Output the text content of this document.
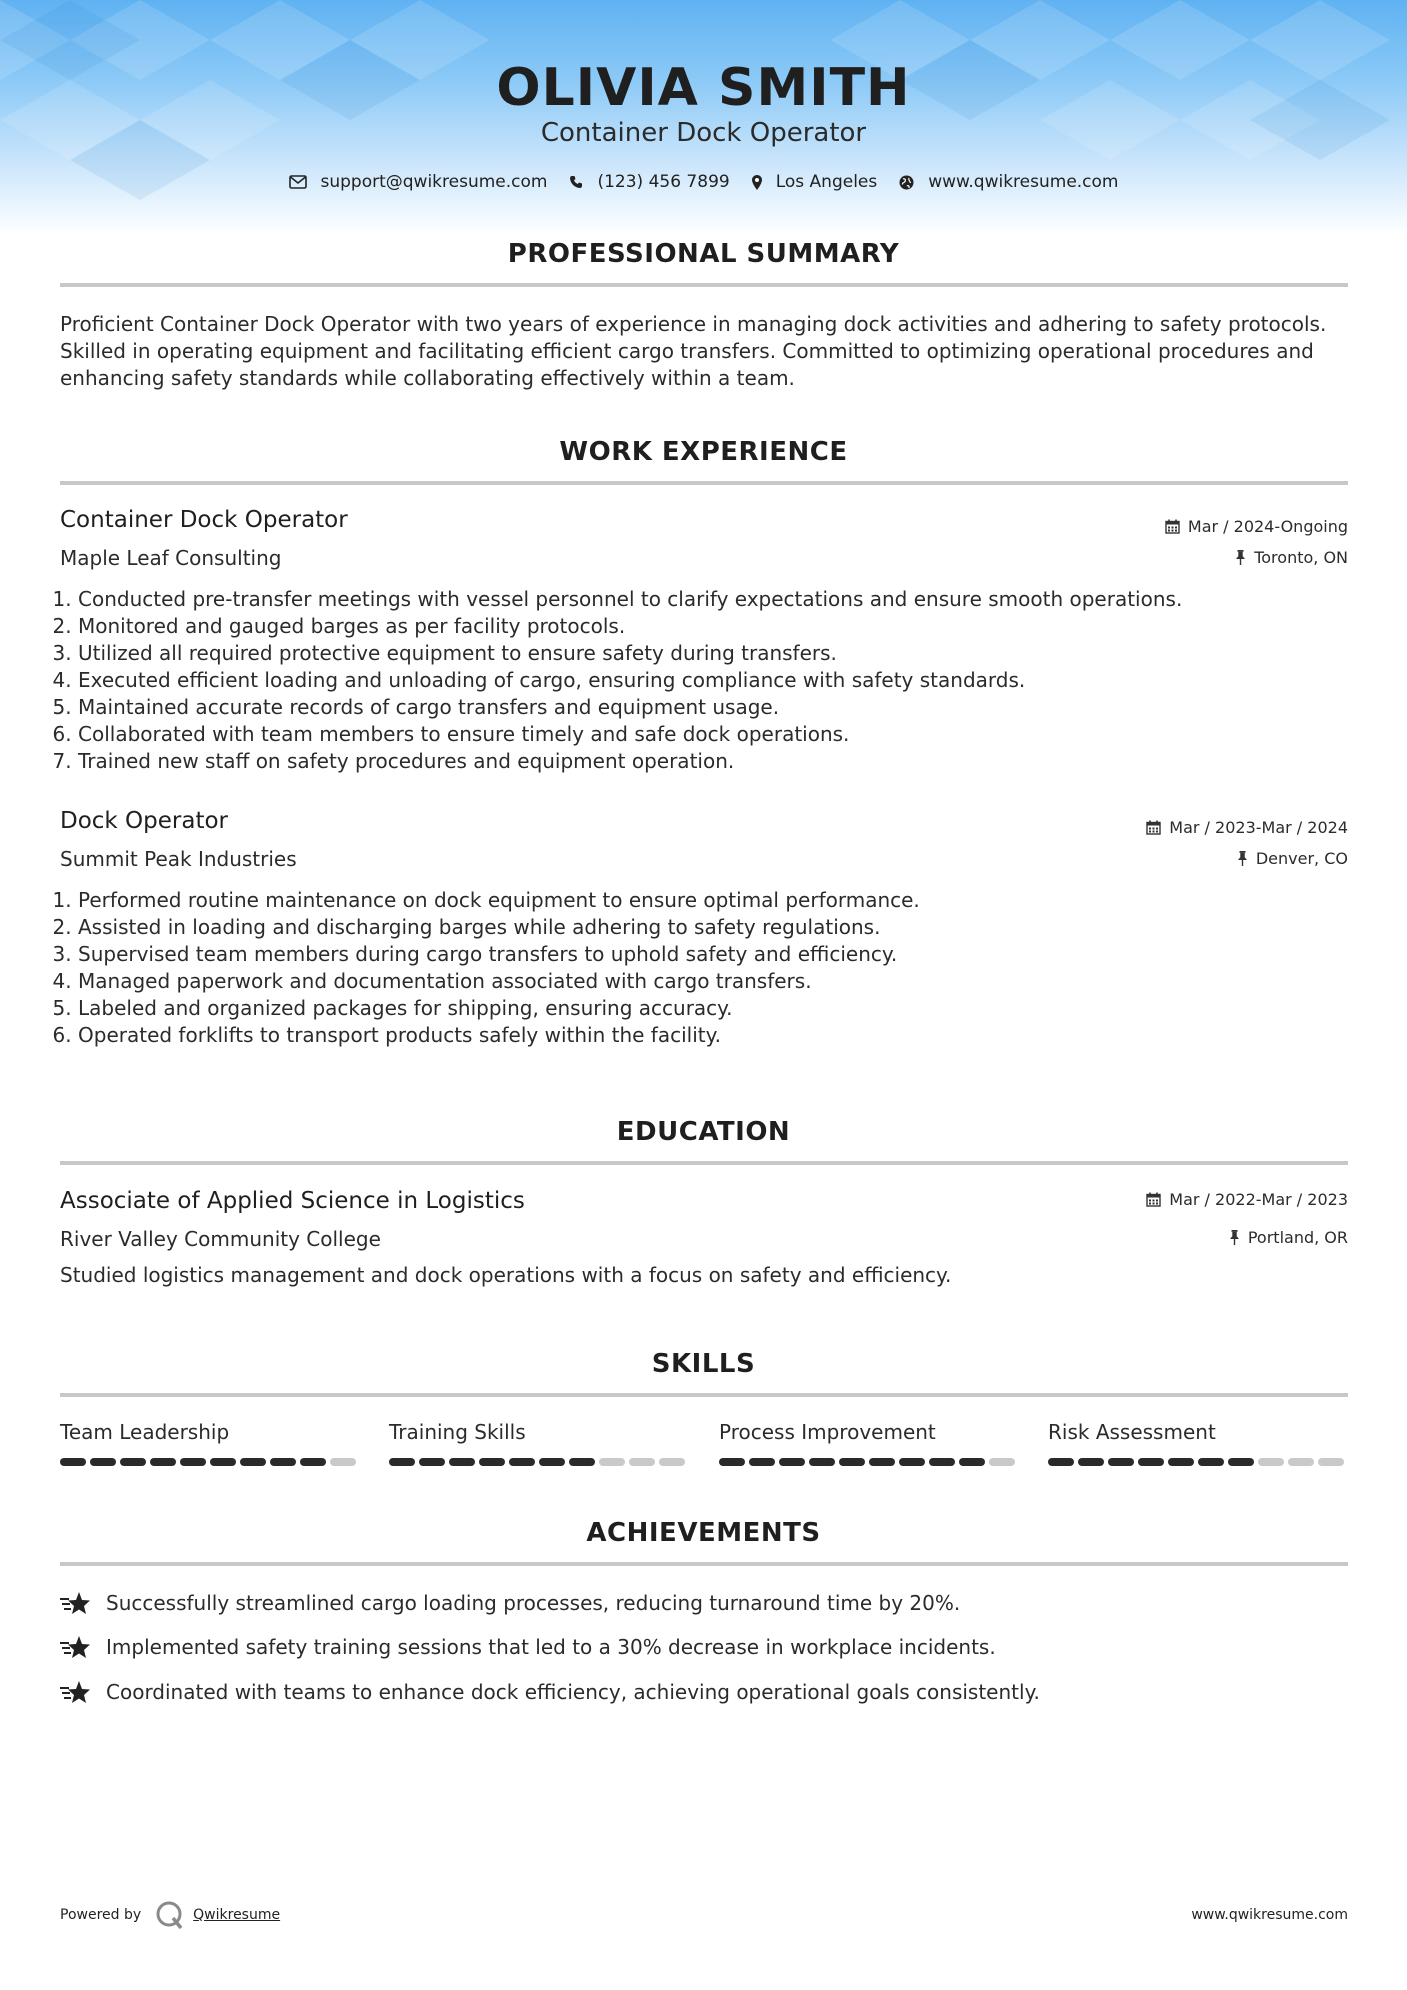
OLIVIA SMITH
Container Dock Operator
support@qwikresume.com	(123) 456 7899	Los Angeles	www.qwikresume.com
PROFESSIONAL SUMMARY
Proficient Container Dock Operator with two years of experience in managing dock activities and adhering to safety protocols. Skilled in operating equipment and facilitating efficient cargo transfers. Committed to optimizing operational procedures and enhancing safety standards while collaborating effectively within a team.
WORK EXPERIENCE
Container Dock Operator	Mar / 2024-Ongoing
Maple Leaf Consulting	Toronto, ON
1. Conducted pre-transfer meetings with vessel personnel to clarify expectations and ensure smooth operations.
2. Monitored and gauged barges as per facility protocols.
3. Utilized all required protective equipment to ensure safety during transfers.
4. Executed efficient loading and unloading of cargo, ensuring compliance with safety standards.
5. Maintained accurate records of cargo transfers and equipment usage.
6. Collaborated with team members to ensure timely and safe dock operations.
7. Trained new staff on safety procedures and equipment operation.
Dock Operator	Mar / 2023-Mar / 2024
Summit Peak Industries	Denver, CO
1. Performed routine maintenance on dock equipment to ensure optimal performance.
2. Assisted in loading and discharging barges while adhering to safety regulations.
3. Supervised team members during cargo transfers to uphold safety and efficiency.
4. Managed paperwork and documentation associated with cargo transfers.
5. Labeled and organized packages for shipping, ensuring accuracy.
6. Operated forklifts to transport products safely within the facility.
EDUCATION
Associate of Applied Science in Logistics	Mar / 2022-Mar / 2023
River Valley Community College	Portland, OR
Studied logistics management and dock operations with a focus on safety and efficiency.
SKILLS
Team Leadership	Training Skills	Process Improvement	Risk Assessment
ACHIEVEMENTS
Successfully streamlined cargo loading processes, reducing turnaround time by 20%.
Implemented safety training sessions that led to a 30% decrease in workplace incidents.
Coordinated with teams to enhance dock efficiency, achieving operational goals consistently.
Powered by	Qwikresume	www.qwikresume.com
